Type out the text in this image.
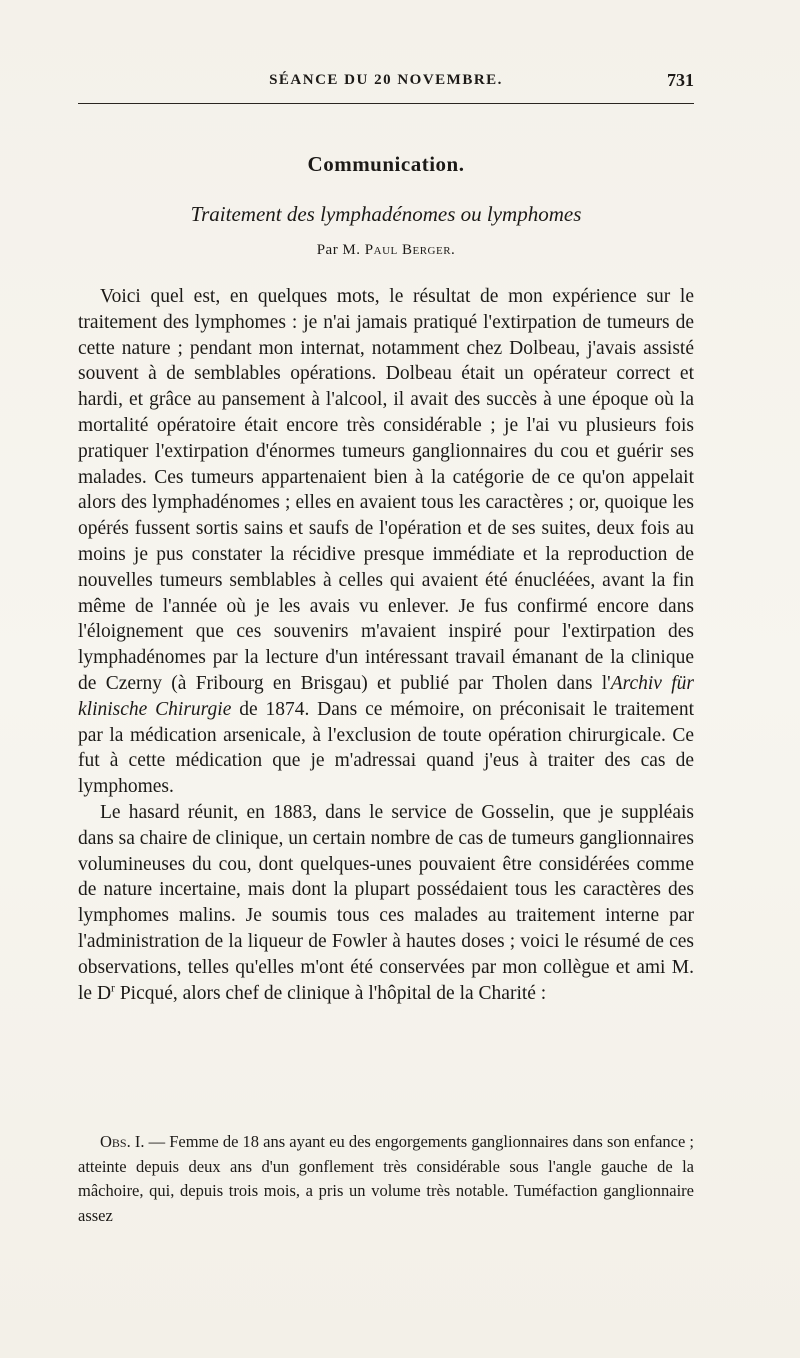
SÉANCE DU 20 NOVEMBRE.	731
Communication.
Traitement des lymphadénomes ou lymphomes
Par M. Paul Berger.

Voici quel est, en quelques mots, le résultat de mon expérience sur le traitement des lymphomes : je n'ai jamais pratiqué l'extirpation de tumeurs de cette nature ; pendant mon internat, notamment chez Dolbeau, j'avais assisté souvent à de semblables opérations. Dolbeau était un opérateur correct et hardi, et grâce au pansement à l'alcool, il avait des succès à une époque où la mortalité opératoire était encore très considérable ; je l'ai vu plusieurs fois pratiquer l'extirpation d'énormes tumeurs ganglionnaires du cou et guérir ses malades. Ces tumeurs appartenaient bien à la catégorie de ce qu'on appelait alors des lymphadénomes ; elles en avaient tous les caractères ; or, quoique les opérés fussent sortis sains et saufs de l'opération et de ses suites, deux fois au moins je pus constater la récidive presque immédiate et la reproduction de nouvelles tumeurs semblables à celles qui avaient été énucléées, avant la fin même de l'année où je les avais vu enlever. Je fus confirmé encore dans l'éloignement que ces souvenirs m'avaient inspiré pour l'extirpation des lymphadénomes par la lecture d'un intéressant travail émanant de la clinique de Czerny (à Fribourg en Brisgau) et publié par Tholen dans l'Archiv für klinische Chirurgie de 1874. Dans ce mémoire, on préconisait le traitement par la médication arsenicale, à l'exclusion de toute opération chirurgicale. Ce fut à cette médication que je m'adressai quand j'eus à traiter des cas de lymphomes.

Le hasard réunit, en 1883, dans le service de Gosselin, que je suppléais dans sa chaire de clinique, un certain nombre de cas de tumeurs ganglionnaires volumineuses du cou, dont quelques-unes pouvaient être considérées comme de nature incertaine, mais dont la plupart possédaient tous les caractères des lymphomes malins. Je soumis tous ces malades au traitement interne par l'administration de la liqueur de Fowler à hautes doses ; voici le résumé de ces observations, telles qu'elles m'ont été conservées par mon collègue et ami M. le $D^r$ Picqué, alors chef de clinique à l'hôpital de la Charité :

Obs. I. — Femme de 18 ans ayant eu des engorgements ganglionnaires dans son enfance ; atteinte depuis deux ans d'un gonflement très considérable sous l'angle gauche de la mâchoire, qui, depuis trois mois, a pris un volume très notable. Tuméfaction ganglionnaire assez
